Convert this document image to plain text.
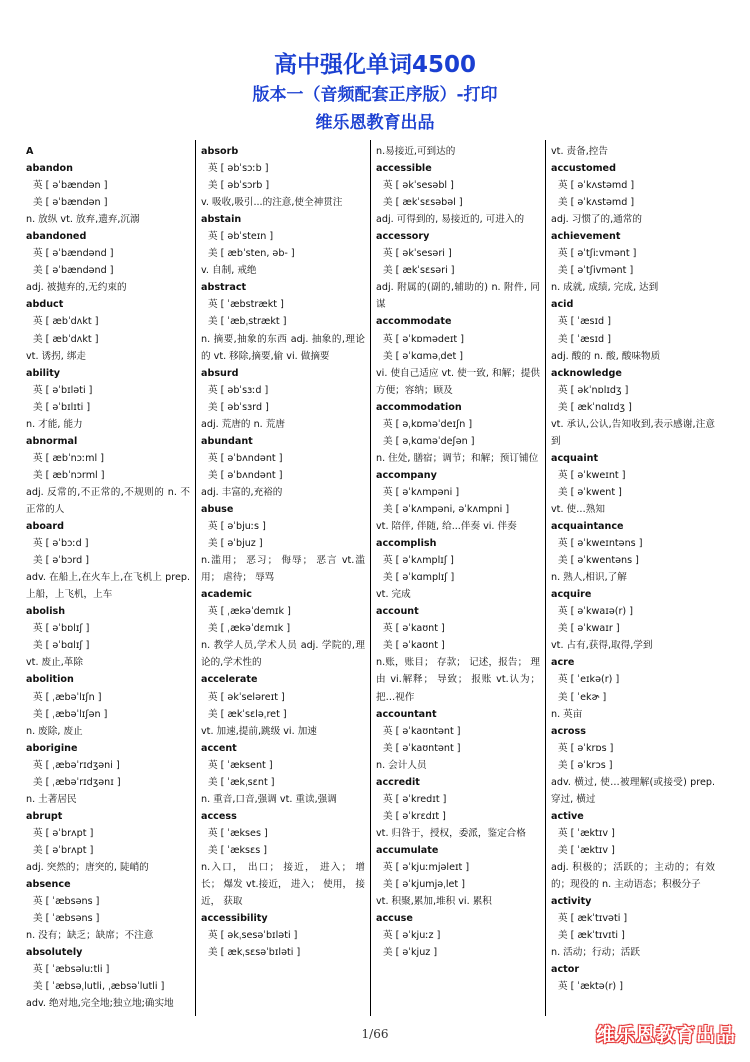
高中强化单词4500
版本一（音频配套正序版）-打印
维乐恩教育出品
A
abandon
英 [ əˈbændən ]
美 [ əˈbændən ]
n. 放纵 vt. 放弃,遗弃,沉溺
abandoned
英 [ əˈbændənd ]
美 [ əˈbændənd ]
adj. 被抛弃的,无约束的
abduct
英 [ æbˈdʌkt ]
美 [ æbˈdʌkt ]
vt. 诱拐, 绑走
ability
英 [ əˈbɪləti ]
美 [ əˈbɪlɪti ]
n. 才能, 能力
abnormal
英 [ æbˈnɔːml ]
美 [ æbˈnɔrml ]
adj. 反常的,不正常的,不规则的 n. 不正常的人
aboard
英 [ əˈbɔːd ]
美 [ əˈbɔrd ]
adv. 在船上,在火车上,在飞机上 prep. 上船，上飞机，上车
abolish
英 [ əˈbɒlɪʃ ]
美 [ əˈbɑlɪʃ ]
vt. 废止,革除
abolition
英 [ ˌæbəˈlɪʃn ]
美 [ ˌæbəˈlɪʃən ]
n. 废除, 废止
aborigine
英 [ ˌæbəˈrɪdʒəni ]
美 [ ˌæbəˈrɪdʒənɪ ]
n. 土著居民
abrupt
英 [ əˈbrʌpt ]
美 [ əˈbrʌpt ]
adj. 突然的；唐突的, 陡峭的
absence
英 [ ˈæbsəns ]
美 [ ˈæbsəns ]
n. 没有；缺乏；缺席；不注意
absolutely
英 [ ˈæbsəluːtli ]
美 [ ˈæbsəˌlutli, ˌæbsəˈlutli ]
adv. 绝对地,完全地;独立地;确实地
absorb
英 [ əbˈsɔːb ]
美 [ əbˈsɔrb ]
v. 吸收,吸引...的注意,使全神贯注
abstain
英 [ əbˈsteɪn ]
美 [ æbˈsten, əb- ]
v. 自制, 戒绝
abstract
英 [ ˈæbstrækt ]
美 [ ˈæbˌstrækt ]
n. 摘要,抽象的东西 adj. 抽象的,理论的 vt. 移除,摘要,偷 vi. 做摘要
absurd
英 [ əbˈsɜːd ]
美 [ əbˈsɜrd ]
adj. 荒唐的 n. 荒唐
abundant
英 [ əˈbʌndənt ]
美 [ əˈbʌndənt ]
adj. 丰富的,充裕的
abuse
英 [ əˈbjuːs ]
美 [ əˈbjuz ]
n.滥用； 恶习； 侮辱； 恶言 vt.滥用； 虐待； 辱骂
academic
英 [ ˌækəˈdemɪk ]
美 [ ˌækəˈdɛmɪk ]
n. 教学人员,学术人员 adj. 学院的,理论的,学术性的
accelerate
英 [ əkˈseləreɪt ]
美 [ ækˈsɛləˌret ]
vt. 加速,提前,跳级 vi. 加速
accent
英 [ ˈæksent ]
美 [ ˈækˌsɛnt ]
n. 重音,口音,强调 vt. 重读,强调
access
英 [ ˈækses ]
美 [ ˈæksɛs ]
n.入口， 出口； 接近， 进入； 增长； 爆发 vt.接近， 进入； 使用， 接近， 获取
accessibility
英 [ əkˌsesəˈbɪləti ]
美 [ ækˌsɛsəˈbɪləti ]
n.易接近,可到达的
accessible
英 [ əkˈsesəbl ]
美 [ ækˈsɛsəbəl ]
adj. 可得到的, 易接近的, 可进入的
accessory
英 [ əkˈsesəri ]
美 [ ækˈsɛsəri ]
adj. 附属的(副的,辅助的) n. 附件, 同谋
accommodate
英 [ əˈkɒmədeɪt ]
美 [ əˈkɑməˌdet ]
vi. 使自己适应 vt. 使一致, 和解；提供方便；容纳；顾及
accommodation
英 [ əˌkɒməˈdeɪʃn ]
美 [ əˌkɑməˈdeʃən ]
n. 住处, 膳宿；调节；和解；预订铺位
accompany
英 [ əˈkʌmpəni ]
美 [ əˈkʌmpəni, əˈkʌmpni ]
vt. 陪伴, 伴随, 给...伴奏 vi. 伴奏
accomplish
英 [ əˈkʌmplɪʃ ]
美 [ əˈkɑmplɪʃ ]
vt. 完成
account
英 [ əˈkaʊnt ]
美 [ əˈkaʊnt ]
n.账，账目； 存款； 记述，报告； 理由 vi.解释； 导致； 报账 vt.认为； 把…视作
accountant
英 [ əˈkaʊntənt ]
美 [ əˈkaʊntənt ]
n. 会计人员
accredit
英 [ əˈkredɪt ]
美 [ əˈkrɛdɪt ]
vt. 归咎于，授权，委派，鉴定合格
accumulate
英 [ əˈkjuːmjəleɪt ]
美 [ əˈkjumjəˌlet ]
vt. 积聚,累加,堆积 vi. 累积
accuse
英 [ əˈkjuːz ]
美 [ əˈkjuz ]
vt. 责备,控告
accustomed
英 [ əˈkʌstəmd ]
美 [ əˈkʌstəmd ]
adj. 习惯了的,通常的
achievement
英 [ əˈtʃiːvmənt ]
美 [ əˈtʃivmənt ]
n. 成就, 成绩, 完成, 达到
acid
英 [ ˈæsɪd ]
美 [ ˈæsɪd ]
adj. 酸的 n. 酸, 酸味物质
acknowledge
英 [ əkˈnɒlɪdʒ ]
美 [ ækˈnɑlɪdʒ ]
vt. 承认,公认,告知收到,表示感谢,注意到
acquaint
英 [ əˈkweɪnt ]
美 [ əˈkwent ]
vt. 使…熟知
acquaintance
英 [ əˈkweɪntəns ]
美 [ əˈkwentəns ]
n. 熟人,相识,了解
acquire
英 [ əˈkwaɪə(r) ]
美 [ əˈkwaɪr ]
vt. 占有,获得,取得,学到
acre
英 [ ˈeɪkə(r) ]
美 [ ˈekɚ ]
n. 英亩
across
英 [ əˈkrɒs ]
美 [ əˈkrɔs ]
adv. 横过, 使…被理解(或接受) prep. 穿过, 横过
active
英 [ ˈæktɪv ]
美 [ ˈæktɪv ]
adj. 积极的；活跃的；主动的；有效的；现役的 n. 主动语态；积极分子
activity
英 [ ækˈtɪvəti ]
美 [ ækˈtɪvɪti ]
n. 活动；行动；活跃
actor
英 [ ˈæktə(r) ]
1/66	维乐恩教育出品
